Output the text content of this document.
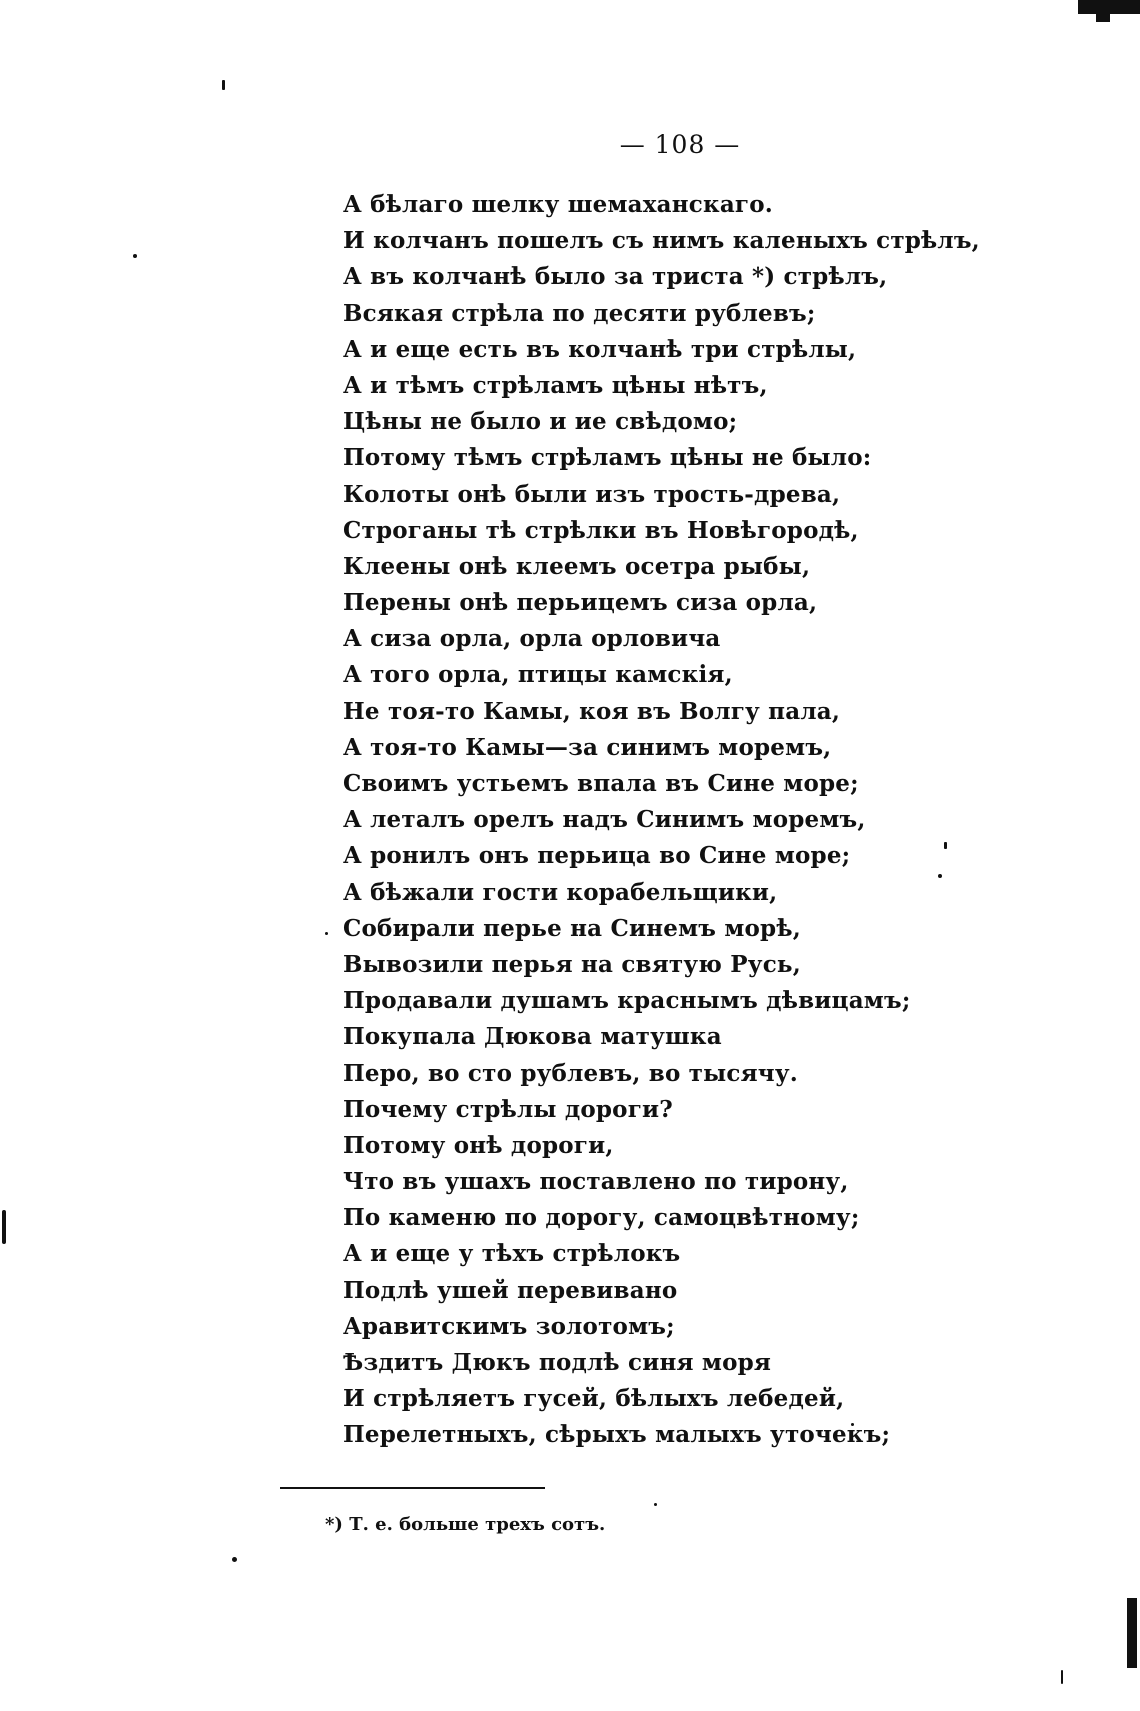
— 108 —
А бѣлаго шелку шемаханскаго.
И колчанъ пошелъ съ нимъ каленыхъ стрѣлъ,
А въ колчанѣ было за триста *) стрѣлъ,
Всякая стрѣла по десяти рублевъ;
А и еще есть въ колчанѣ три стрѣлы,
А и тѣмъ стрѣламъ цѣны нѣтъ,
Цѣны не было и ие свѣдомо;
Потому тѣмъ стрѣламъ цѣны не было:
Колоты онѣ были изъ трость-древа,
Строганы тѣ стрѣлки въ Новѣгородѣ,
Клеены онѣ клеемъ осетра рыбы,
Перены онѣ перьицемъ сиза орла,
А сиза орла, орла орловича
А того орла, птицы камскія,
Не тоя-то Камы, коя въ Волгу пала,
А тоя-то Камы—за синимъ моремъ,
Своимъ устьемъ впала въ Сине море;
А леталъ орелъ надъ Синимъ моремъ,
А ронилъ онъ перьица во Сине море;
А бѣжали гости корабельщики,
Собирали перье на Синемъ морѣ,
Вывозили перья на святую Русь,
Продавали душамъ краснымъ дѣвицамъ;
Покупала Дюкова матушка
Перо, во сто рублевъ, во тысячу.
Почему стрѣлы дороги?
Потому онѣ дороги,
Что въ ушахъ поставлено по тирону,
По каменю по дорогу, самоцвѣтному;
А и еще у тѣхъ стрѣлокъ
Подлѣ ушей перевивано
Аравитскимъ золотомъ;
Ѣздитъ Дюкъ подлѣ синя моря
И стрѣляетъ гусей, бѣлыхъ лебедей,
Перелетныхъ, сѣрыхъ малыхъ уточекъ;
*) Т. е. больше трехъ сотъ.
